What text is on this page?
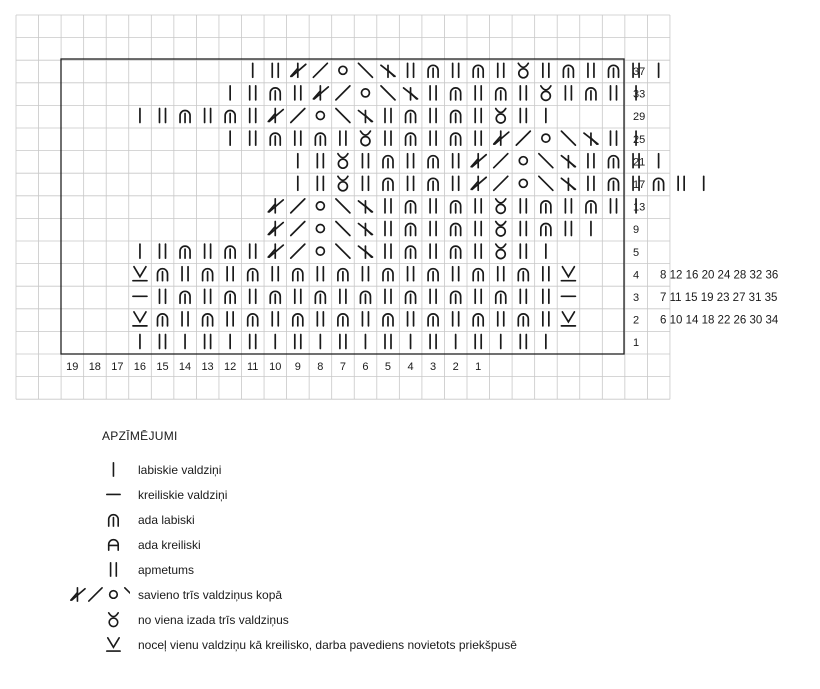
37
33
29
25
21
17
13
9
5
4
3
2
1
19 18 17 16 15 14 13 12 11 10 9 8 7 6 5 4 3 2 1
8 12 16 20 24 28 32 36
7 11 15 19 23 27 31 35
6 10 14 18 22 26 30 34
APZĪMĒJUMI
labiskie valdziņi
kreiliskie valdziņi
ada labiski
ada kreiliski
apmetums
savieno trīs valdziņus kopā
no viena izada trīs valdziņus
noceļ vienu valdziņu kā kreilisko, darba pavediens novietots priekšpusē
